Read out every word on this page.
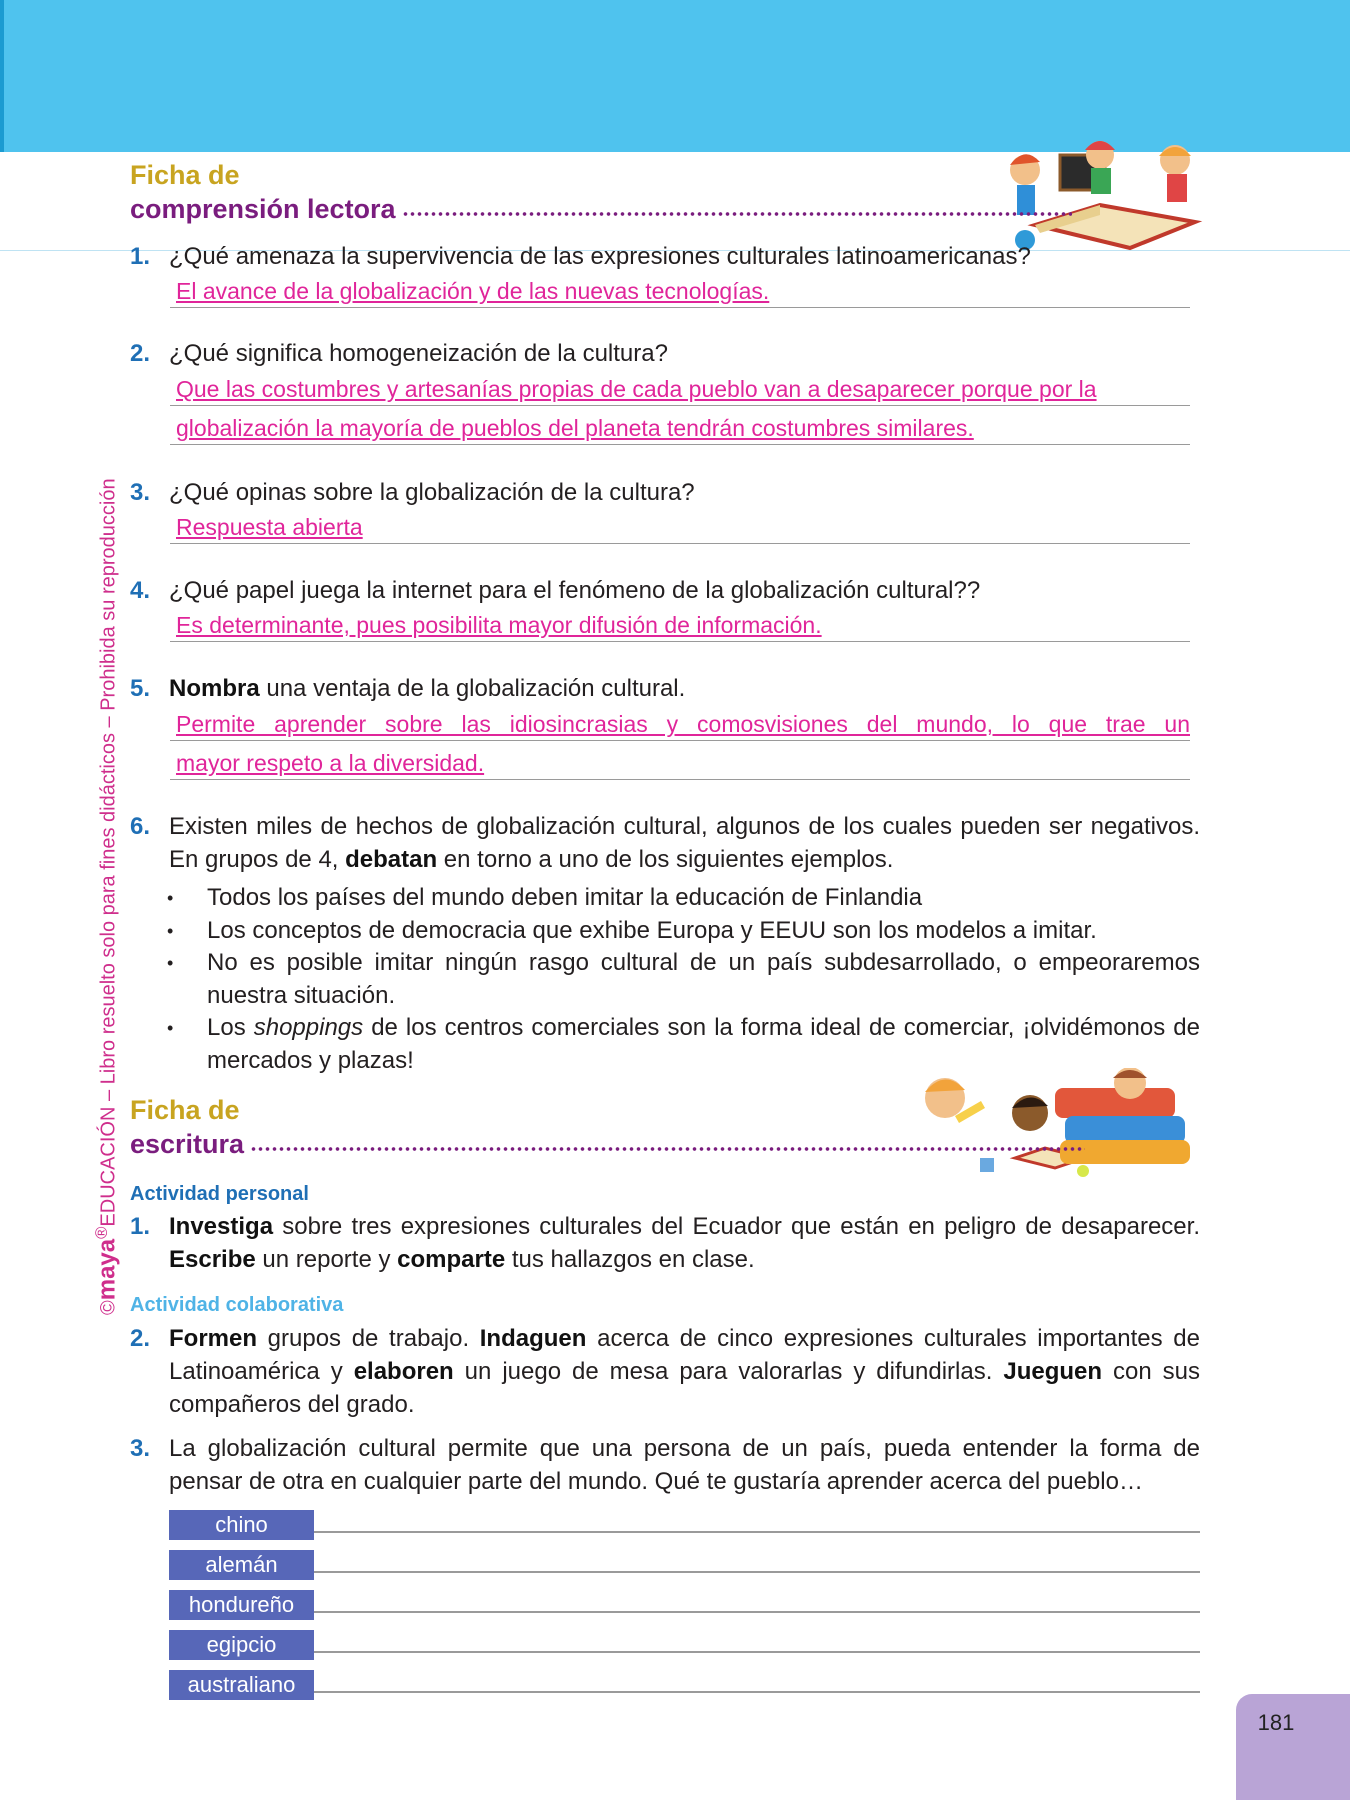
©maya®EDUCACIÓN – Libro resuelto solo para fines didácticos – Prohibida su reproducción
Ficha de
comprensión lectora
1. ¿Qué amenaza la supervivencia de las expresiones culturales latinoamericanas?
El avance de la globalización y de las nuevas tecnologías.
2. ¿Qué significa homogeneización de la cultura?
Que las costumbres y artesanías propias de cada pueblo van a desaparecer porque por la
globalización la mayoría de pueblos del planeta tendrán costumbres similares.
3. ¿Qué opinas sobre la globalización de la cultura?
Respuesta abierta
4. ¿Qué papel juega la internet para el fenómeno de la globalización cultural??
Es determinante, pues posibilita mayor difusión de información.
5. Nombra una ventaja de la globalización cultural.
Permite aprender sobre las idiosincrasias y comosvisiones del mundo, lo que trae un
mayor respeto a la diversidad.
6. Existen miles de hechos de globalización cultural, algunos de los cuales pueden ser negativos. En grupos de 4, debatan en torno a uno de los siguientes ejemplos.
• Todos los países del mundo deben imitar la educación de Finlandia
• Los conceptos de democracia que exhibe Europa y EEUU son los modelos a imitar.
• No es posible imitar ningún rasgo cultural de un país subdesarrollado, o empeoraremos nuestra situación.
• Los shoppings de los centros comerciales son la forma ideal de comerciar, ¡olvidémonos de mercados y plazas!
Ficha de
escritura
Actividad personal
1. Investiga sobre tres expresiones culturales del Ecuador que están en peligro de desaparecer. Escribe un reporte y comparte tus hallazgos en clase.
Actividad colaborativa
2. Formen grupos de trabajo. Indaguen acerca de cinco expresiones culturales importantes de Latinoamérica y elaboren un juego de mesa para valorarlas y difundirlas. Jueguen con sus compañeros del grado.
3. La globalización cultural permite que una persona de un país, pueda entender la forma de pensar de otra en cualquier parte del mundo. Qué te gustaría aprender acerca del pueblo…
chino
alemán
hondureño
egipcio
australiano
181
